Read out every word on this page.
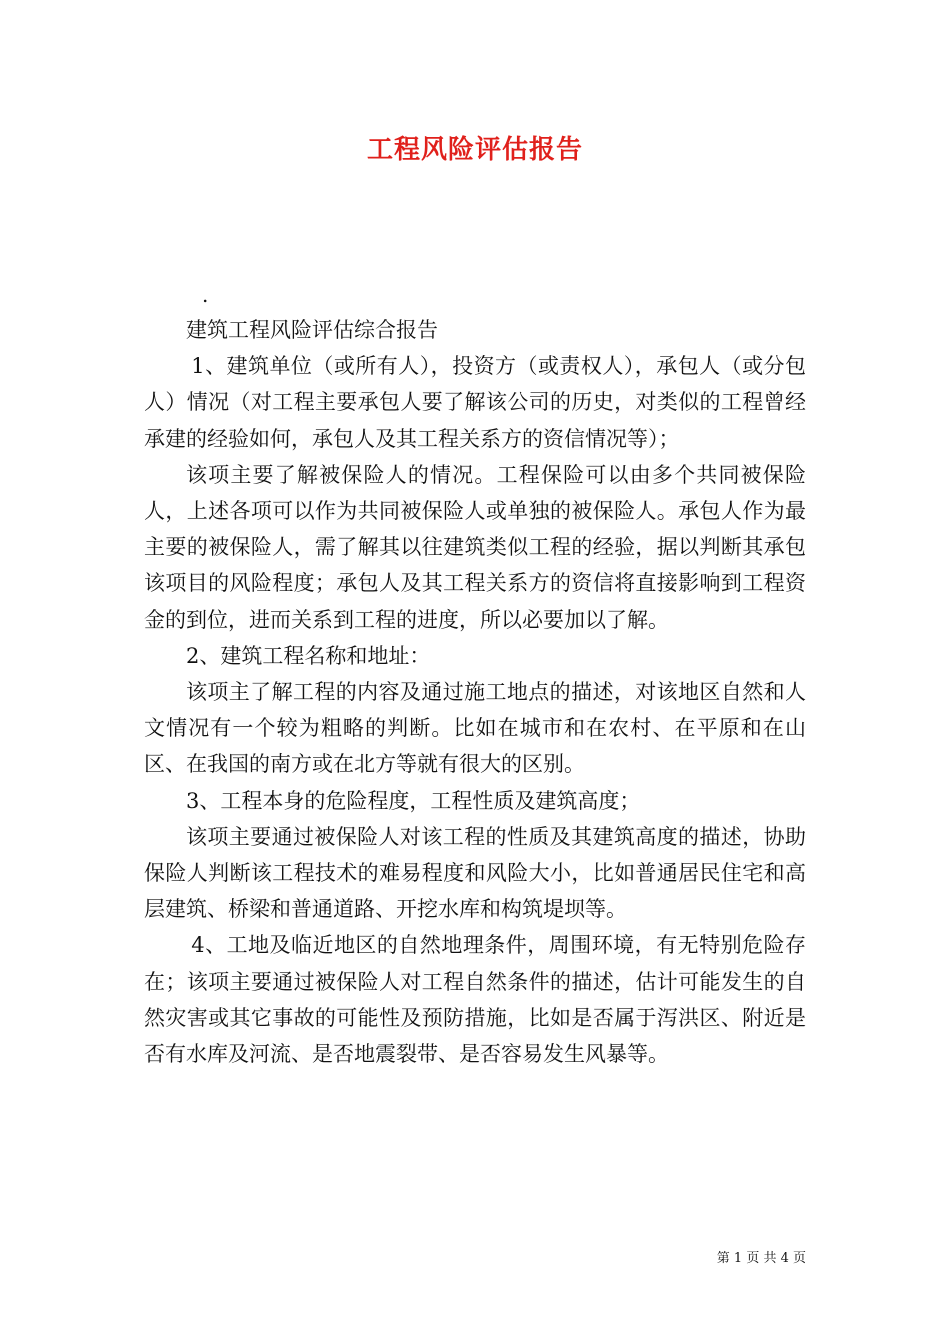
工程风险评估报告
.

建筑工程风险评估综合报告

1、建筑单位（或所有人），投资方（或责权人），承包人（或分包人）情况（对工程主要承包人要了解该公司的历史，对类似的工程曾经承建的经验如何，承包人及其工程关系方的资信情况等）；

该项主要了解被保险人的情况。工程保险可以由多个共同被保险人，上述各项可以作为共同被保险人或单独的被保险人。承包人作为最主要的被保险人，需了解其以往建筑类似工程的经验，据以判断其承包该项目的风险程度；承包人及其工程关系方的资信将直接影响到工程资金的到位，进而关系到工程的进度，所以必要加以了解。

2、建筑工程名称和地址：

该项主了解工程的内容及通过施工地点的描述，对该地区自然和人文情况有一个较为粗略的判断。比如在城市和在农村、在平原和在山区、在我国的南方或在北方等就有很大的区别。

3、工程本身的危险程度，工程性质及建筑高度；

该项主要通过被保险人对该工程的性质及其建筑高度的描述，协助保险人判断该工程技术的难易程度和风险大小，比如普通居民住宅和高层建筑、桥梁和普通道路、开挖水库和构筑堤坝等。

4、工地及临近地区的自然地理条件，周围环境，有无特别危险存在；该项主要通过被保险人对工程自然条件的描述，估计可能发生的自然灾害或其它事故的可能性及预防措施，比如是否属于泻洪区、附近是否有水库及河流、是否地震裂带、是否容易发生风暴等。

第 1 页 共 4 页
